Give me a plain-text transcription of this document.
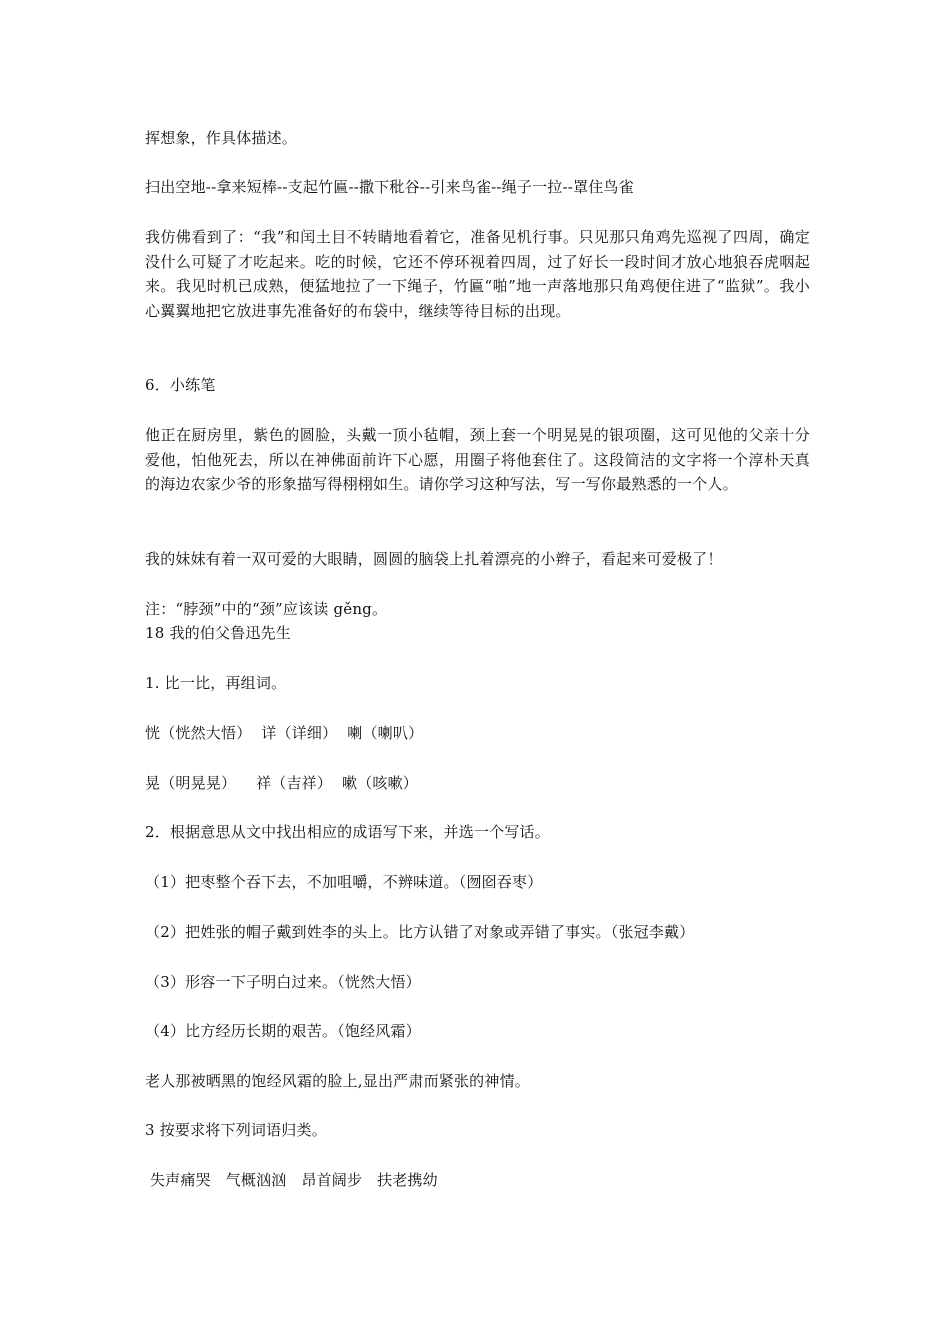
挥想象，作具体描述。
扫出空地--拿来短棒--支起竹匾--撒下秕谷--引来鸟雀--绳子一拉--罩住鸟雀
我仿佛看到了：“我”和闰土目不转睛地看着它，准备见机行事。只见那只角鸡先巡视了四周，确定没什么可疑了才吃起来。吃的时候，它还不停环视着四周，过了好长一段时间才放心地狼吞虎咽起来。我见时机已成熟，便猛地拉了一下绳子，竹匾“啪”地一声落地那只角鸡便住进了“监狱”。我小心翼翼地把它放进事先准备好的布袋中，继续等待目标的出现。
6．小练笔
他正在厨房里，紫色的圆脸，头戴一顶小毡帽，颈上套一个明晃晃的银项圈，这可见他的父亲十分爱他，怕他死去，所以在神佛面前许下心愿，用圈子将他套住了。这段简洁的文字将一个淳朴天真的海边农家少爷的形象描写得栩栩如生。请你学习这种写法，写一写你最熟悉的一个人。
我的妹妹有着一双可爱的大眼睛，圆圆的脑袋上扎着漂亮的小辫子，看起来可爱极了！
注：“脖颈”中的“颈”应该读 gěng。
18 我的伯父鲁迅先生
1. 比一比，再组词。
恍（恍然大悟）  详（详细）  喇（喇叭）
晃（明晃晃）    祥（吉祥）  嗽（咳嗽）
2．根据意思从文中找出相应的成语写下来，并选一个写话。
（1）把枣整个吞下去，不加咀嚼，不辨味道。（囫囵吞枣）
（2）把姓张的帽子戴到姓李的头上。比方认错了对象或弄错了事实。（张冠李戴）
（3）形容一下子明白过来。（恍然大悟）
（4）比方经历长期的艰苦。（饱经风霜）
老人那被晒黑的饱经风霜的脸上,显出严肃而紧张的神情。
3 按要求将下列词语归类。
失声痛哭   气概汹汹   昂首阔步   扶老携幼
